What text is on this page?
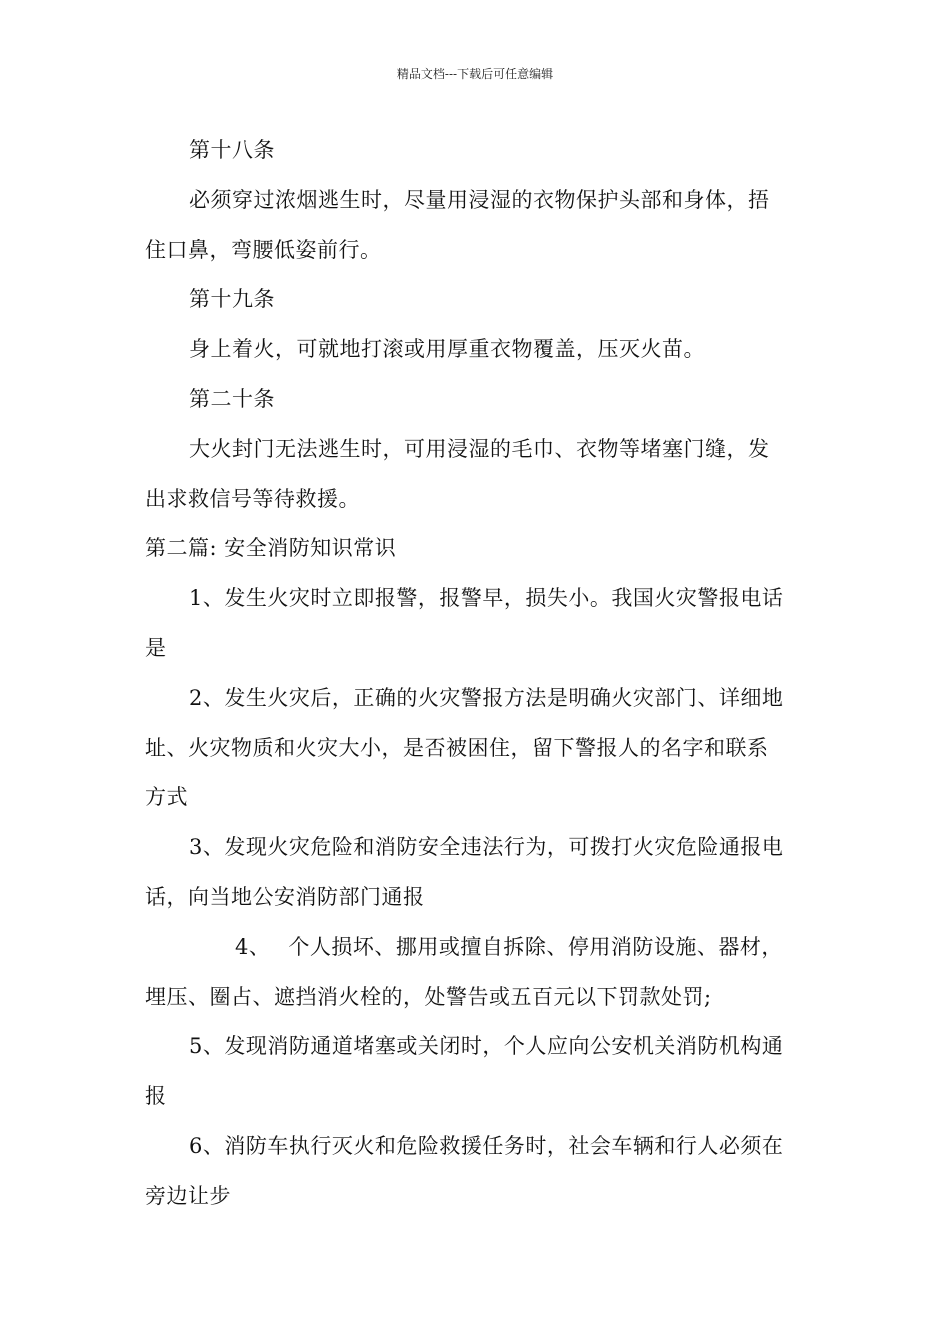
精品文档---下载后可任意编辑
第十八条
必须穿过浓烟逃生时，尽量用浸湿的衣物保护头部和身体，捂
住口鼻，弯腰低姿前行。
第十九条
身上着火，可就地打滚或用厚重衣物覆盖，压灭火苗。
第二十条
大火封门无法逃生时，可用浸湿的毛巾、衣物等堵塞门缝，发
出求救信号等待救援。
第二篇: 安全消防知识常识
1、发生火灾时立即报警，报警早，损失小。我国火灾警报电话
是
2、发生火灾后，正确的火灾警报方法是明确火灾部门、详细地
址、火灾物质和火灾大小，是否被困住，留下警报人的名字和联系
方式
3、发现火灾危险和消防安全违法行为，可拨打火灾危险通报电
话，向当地公安消防部门通报
4、 个人损坏、挪用或擅自拆除、停用消防设施、器材，
埋压、圈占、遮挡消火栓的，处警告或五百元以下罚款处罚;
5、发现消防通道堵塞或关闭时，个人应向公安机关消防机构通
报
6、消防车执行灭火和危险救援任务时，社会车辆和行人必须在
旁边让步
